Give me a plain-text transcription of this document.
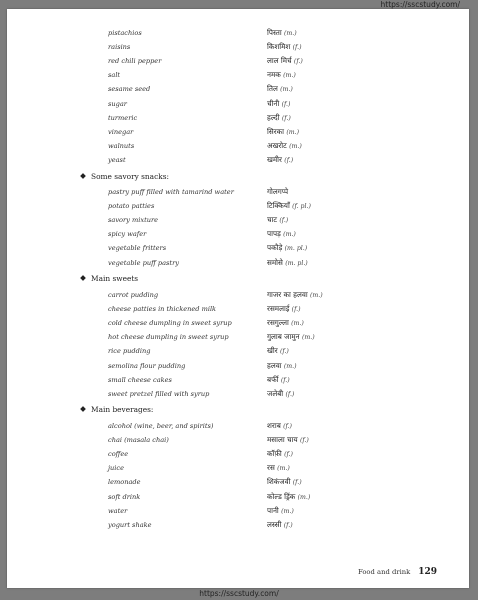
https://sscstudy.com/
pistachios	पिस्ता (m.)
raisins	किशमिश (f.)
red chili pepper	लाल मिर्च (f.)
salt	नमक (m.)
sesame seed	तिल (m.)
sugar	चीनी (f.)
turmeric	हल्दी (f.)
vinegar	सिरका (m.)
walnuts	अखरोट (m.)
yeast	खमीर (f.)
Some savory snacks:
pastry puff filled with tamarind water	गोलगप्पे
potato patties	टिक्कियाँ (f. pl.)
savory mixture	चाट (f.)
spicy wafer	पापड़ (m.)
vegetable fritters	पकौड़े (m. pl.)
vegetable puff pastry	समोसे (m. pl.)
Main sweets
carrot pudding	गाजर का हलवा (m.)
cheese patties in thickened milk	रसमलाई (f.)
cold cheese dumpling in sweet syrup	रसगुल्ला (m.)
hot cheese dumpling in sweet syrup	गुलाब जामुन (m.)
rice pudding	खीर (f.)
semolina flour pudding	हलवा (m.)
small cheese cakes	बर्फी (f.)
sweet pretzel filled with syrup	जलेबी (f.)
Main beverages:
alcohol (wine, beer, and spirits)	शराब (f.)
chai (masala chai)	मसाला चाय (f.)
coffee	कॉफ़ी (f.)
juice	रस (m.)
lemonade	शिकंजवी (f.)
soft drink	कोल्ड ड्रिंक (m.)
water	पानी (m.)
yogurt shake	लस्सी (f.)
Food and drink 129
https://sscstudy.com/
